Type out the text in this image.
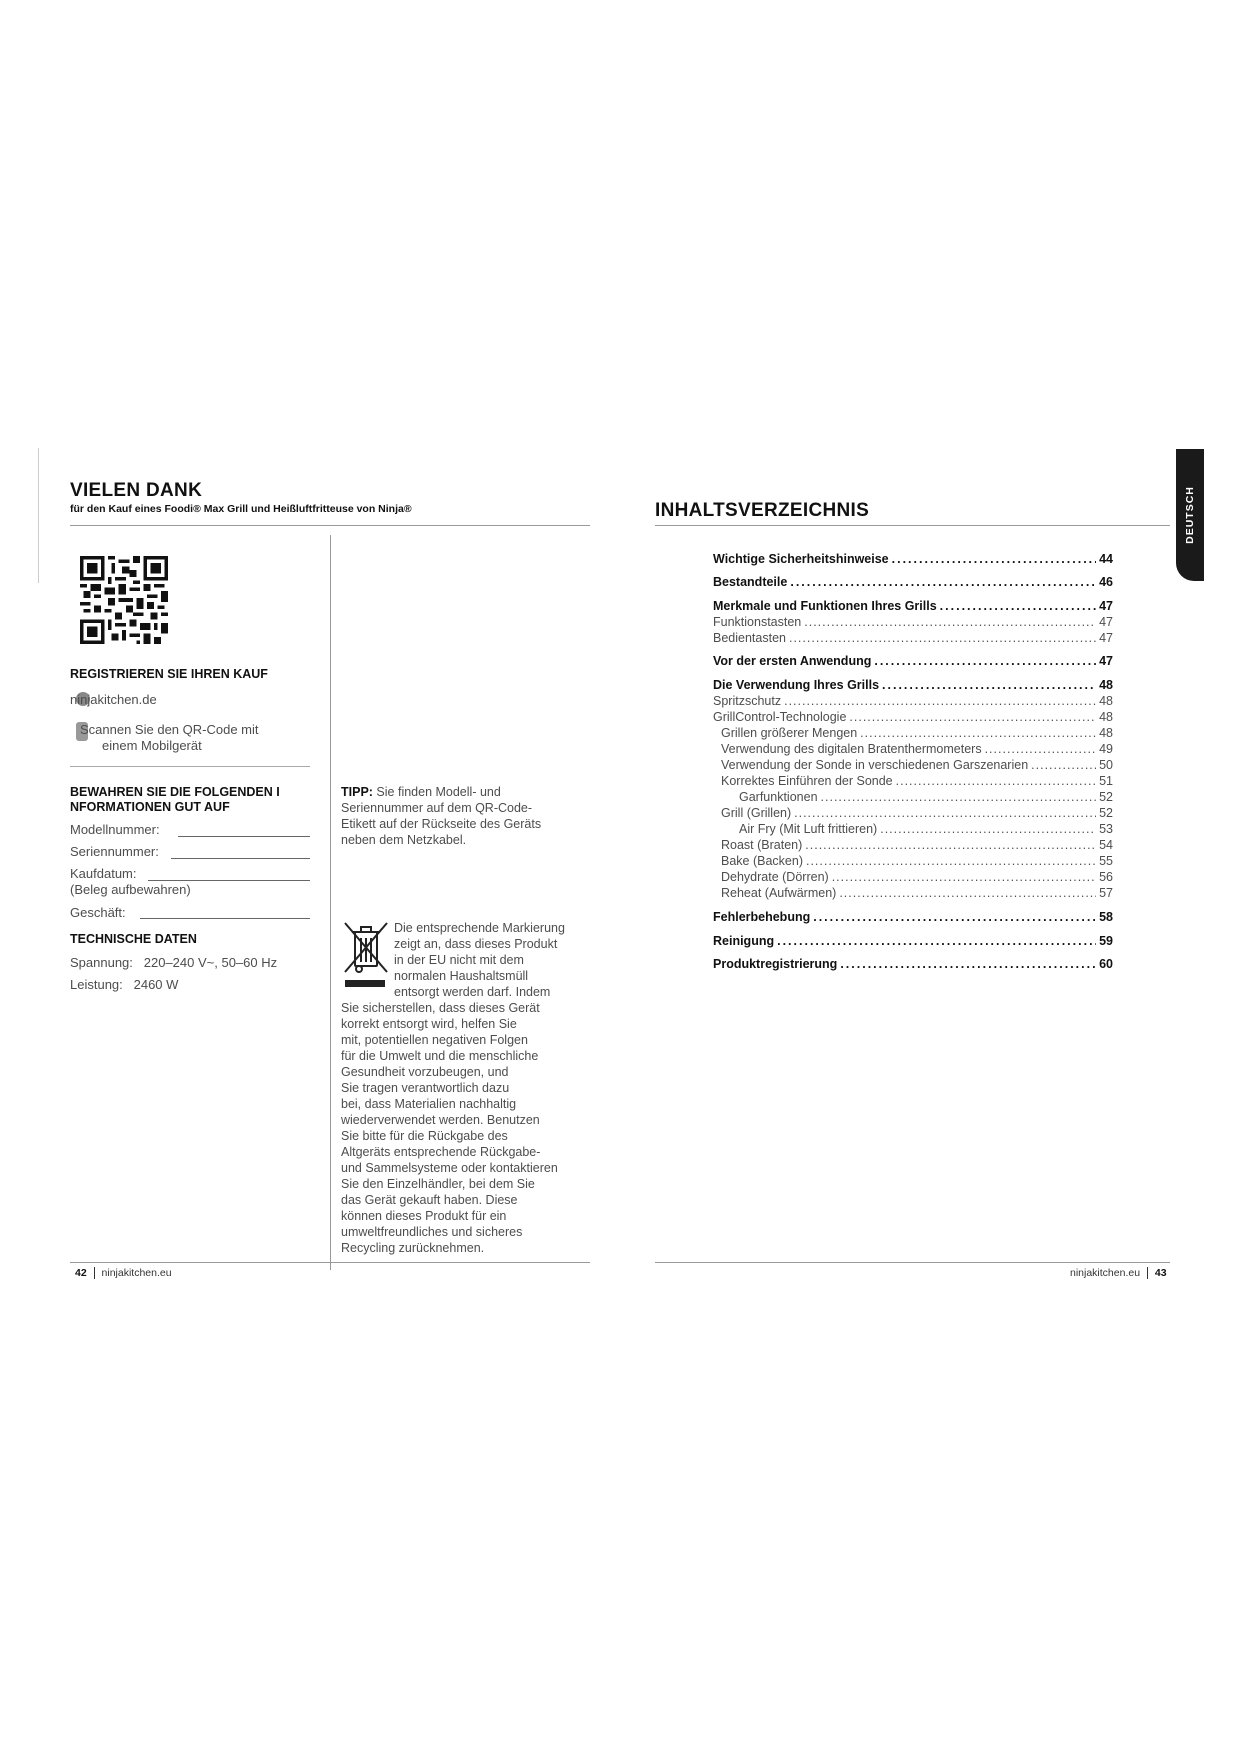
VIELEN DANK
für den Kauf eines Foodi® Max Grill und Heißluftfritteuse von Ninja®
REGISTRIEREN SIE IHREN KAUF
ninjakitchen.de
Scannen Sie den QR-Code mit
einem Mobilgerät
BEWAHREN SIE DIE FOLGENDEN I
NFORMATIONEN GUT AUF
Modellnummer:
Seriennummer:
Kaufdatum:
(Beleg aufbewahren)
Geschäft:
TECHNISCHE DATEN
Spannung: 220–240 V~, 50–60 Hz
Leistung: 2460 W
TIPP: Sie finden Modell- und
Seriennummer auf dem QR-Code-
Etikett auf der Rückseite des Geräts
neben dem Netzkabel.
Die entsprechende Markierung
zeigt an, dass dieses Produkt
in der EU nicht mit dem
normalen Haushaltsmüll
entsorgt werden darf. Indem
Sie sicherstellen, dass dieses Gerät
korrekt entsorgt wird, helfen Sie
mit, potentiellen negativen Folgen
für die Umwelt und die menschliche
Gesundheit vorzubeugen, und
Sie tragen verantwortlich dazu
bei, dass Materialien nachhaltig
wiederverwendet werden. Benutzen
Sie bitte für die Rückgabe des
Altgeräts entsprechende Rückgabe-
und Sammelsysteme oder kontaktieren
Sie den Einzelhändler, bei dem Sie
das Gerät gekauft haben. Diese
können dieses Produkt für ein
umweltfreundliches und sicheres
Recycling zurücknehmen.
42 ninjakitchen.eu
INHALTSVERZEICHNIS	DEUTSCH
Wichtige Sicherheitshinweise .....	44
Bestandteile .....	46
Merkmale und Funktionen Ihres Grills .....	47
Funktionstasten .....	47
Bedientasten .....	47
Vor der ersten Anwendung .....	47
Die Verwendung Ihres Grills .....	48
Spritzschutz .....	48
GrillControl-Technologie .....	48
Grillen größerer Mengen .....	48
Verwendung des digitalen Bratenthermometers .....	49
Verwendung der Sonde in verschiedenen Garszenarien .....	50
Korrektes Einführen der Sonde .....	51
Garfunktionen .....	52
Grill (Grillen) .....	52
Air Fry (Mit Luft frittieren) .....	53
Roast (Braten) .....	54
Bake (Backen) .....	55
Dehydrate (Dörren) .....	56
Reheat (Aufwärmen) .....	57
Fehlerbehebung .....	58
Reinigung .....	59
Produktregistrierung .....	60
ninjakitchen.eu 43
